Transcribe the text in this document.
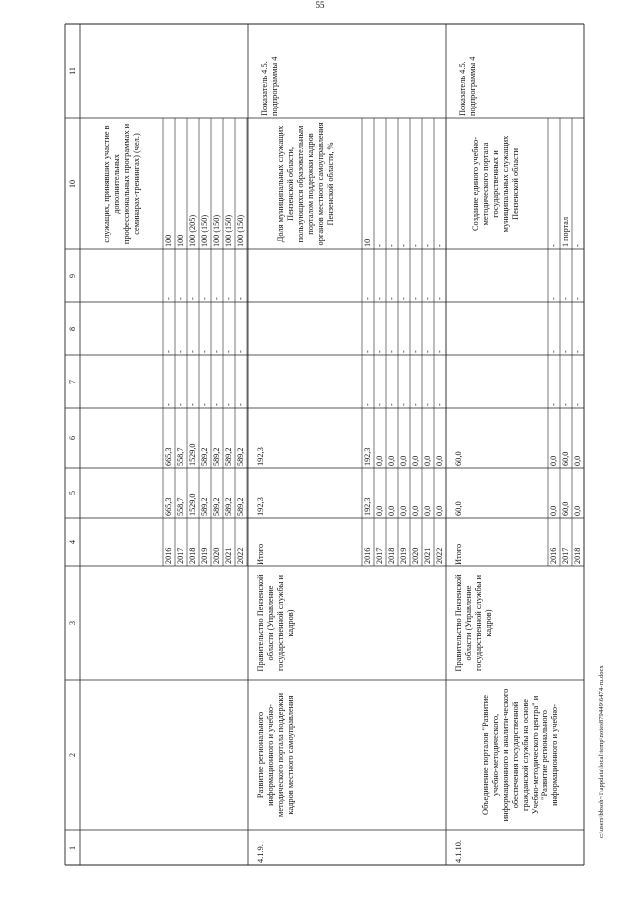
55
1
2
3
4
5
6
7
8
9
10
11
служащих, принявших участие в дополнительных профессиональных программах и семинарах-тренингах) (чел.)
2016
665,3
665,3
-
-
-
100
2017
558,7
558,7
-
-
-
100
2018
1529,0
1529,0
-
-
-
100 (205)
2019
589,2
589,2
-
-
-
100 (150)
2020
589,2
589,2
-
-
-
100 (150)
2021
589,2
589,2
-
-
-
100 (150)
2022
589,2
589,2
-
-
-
100 (150)
4.1.9.
Развитие регионального информационного и учебно-методического портала поддержки кадров местного самоуправления
Правительство Пензенской области (Управление государственной службы и кадров)
Итого
192,3
192,3
Доля муниципальных служащих Пензенской области, пользующихся образовательным порталом поддержки кадров органов местного самоуправления Пензенской области, %
Показатель 4.5. подпрограммы 4
2016
192,3
192,3
-
-
-
10
2017
0,0
0,0
-
-
-
-
2018
0,0
0,0
-
-
-
-
2019
0,0
0,0
-
-
-
-
2020
0,0
0,0
-
-
-
-
2021
0,0
0,0
-
-
-
-
2022
0,0
0,0
-
-
-
-
4.1.10.
Объединение порталов "Развитие учебно-методического, информационного и аналити-ческого обеспечения государственной гражданской службы на основе Учебно-методического центра" и "Развитие регионального информационного и учебно-
Правительство Пензенской области (Управление государственной службы и кадров)
Итого
60,0
60,0
Создание единого учебно-методического портала государственных и муниципальных служащих Пензенской области
Показатель 4.5. подпрограммы 4
2016
0,0
0,0
-
-
-
-
2017
60,0
60,0
-
-
-
1 портал
2018
0,0
0,0
-
-
-
-
c:\users\bbsoh~1\appdata\local\temp\notes879449\6474-ru.docx
